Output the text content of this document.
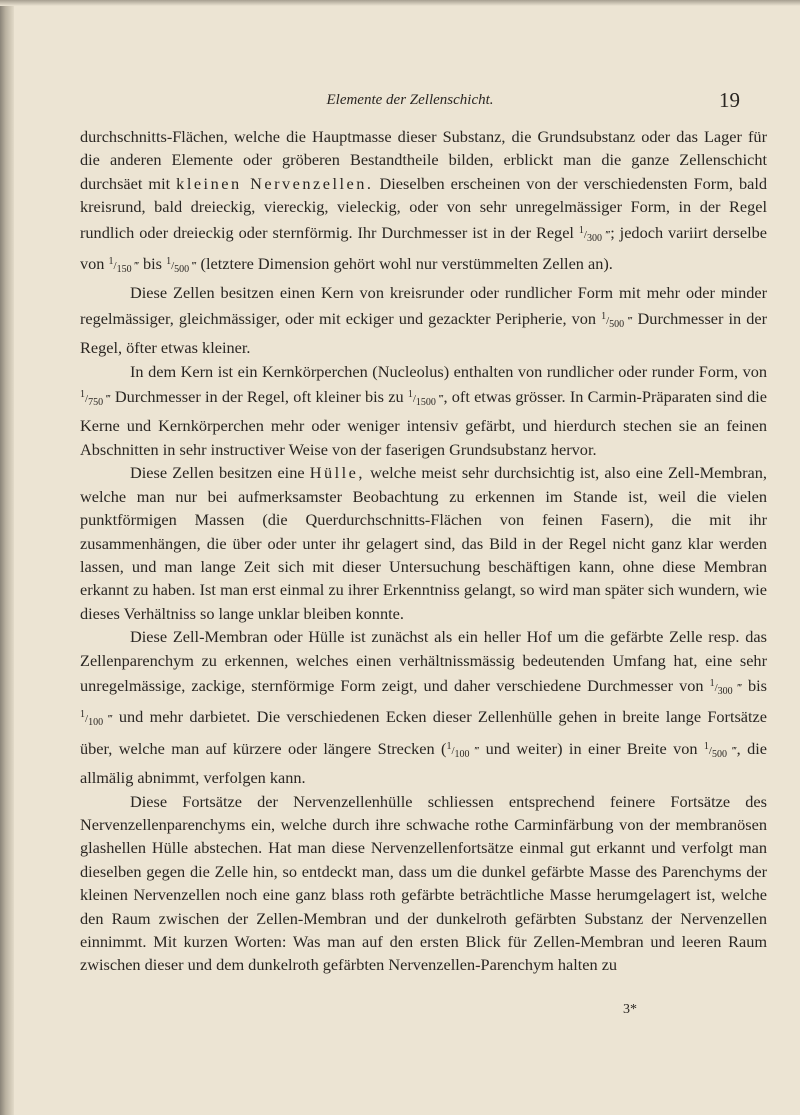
Elemente der Zellenschicht.	19

durchschnitts-Flächen, welche die Hauptmasse dieser Substanz, die Grundsubstanz oder das Lager für die anderen Elemente oder gröberen Bestandtheile bilden, erblickt man die ganze Zellenschicht durchsäet mit kleinen Nervenzellen. Dieselben erscheinen von der verschiedensten Form, bald kreisrund, bald dreieckig, viereckig, vieleckig, oder von sehr unregelmässiger Form, in der Regel rundlich oder dreieckig oder sternförmig. Ihr Durchmesser ist in der Regel $^1/_{300}$ ‴; jedoch variirt derselbe von $^1/_{150}$ ‴ bis $^1/_{500}$ ‴ (letztere Dimension gehört wohl nur verstümmelten Zellen an).

Diese Zellen besitzen einen Kern von kreisrunder oder rundlicher Form mit mehr oder minder regelmässiger, gleichmässiger, oder mit eckiger und gezackter Peripherie, von $^1/_{500}$ ‴ Durchmesser in der Regel, öfter etwas kleiner.

In dem Kern ist ein Kernkörperchen (Nucleolus) enthalten von rundlicher oder runder Form, von $^1/_{750}$ ‴ Durchmesser in der Regel, oft kleiner bis zu $^1/_{1500}$ ‴, oft etwas grösser. In Carmin-Präparaten sind die Kerne und Kernkörperchen mehr oder weniger intensiv gefärbt, und hierdurch stechen sie an feinen Abschnitten in sehr instructiver Weise von der faserigen Grundsubstanz hervor.

Diese Zellen besitzen eine Hülle, welche meist sehr durchsichtig ist, also eine Zell-Membran, welche man nur bei aufmerksamster Beobachtung zu erkennen im Stande ist, weil die vielen punktförmigen Massen (die Querdurchschnitts-Flächen von feinen Fasern), die mit ihr zusammenhängen, die über oder unter ihr gelagert sind, das Bild in der Regel nicht ganz klar werden lassen, und man lange Zeit sich mit dieser Untersuchung beschäftigen kann, ohne diese Membran erkannt zu haben. Ist man erst einmal zu ihrer Erkenntniss gelangt, so wird man später sich wundern, wie dieses Verhältniss so lange unklar bleiben konnte.

Diese Zell-Membran oder Hülle ist zunächst als ein heller Hof um die gefärbte Zelle resp. das Zellenparenchym zu erkennen, welches einen verhältnissmässig bedeutenden Umfang hat, eine sehr unregelmässige, zackige, sternförmige Form zeigt, und daher verschiedene Durchmesser von $^1/_{300}$ ‴ bis $^1/_{100}$ ‴ und mehr darbietet. Die verschiedenen Ecken dieser Zellenhülle gehen in breite lange Fortsätze über, welche man auf kürzere oder längere Strecken ($^1/_{100}$ ‴ und weiter) in einer Breite von $^1/_{500}$ ‴, die allmälig abnimmt, verfolgen kann.

Diese Fortsätze der Nervenzellenhülle schliessen entsprechend feinere Fortsätze des Nervenzellenparenchyms ein, welche durch ihre schwache rothe Carminfärbung von der membranösen glashellen Hülle abstechen. Hat man diese Nervenzellenfortsätze einmal gut erkannt und verfolgt man dieselben gegen die Zelle hin, so entdeckt man, dass um die dunkel gefärbte Masse des Parenchyms der kleinen Nervenzellen noch eine ganz blass roth gefärbte beträchtliche Masse herumgelagert ist, welche den Raum zwischen der Zellen-Membran und der dunkelroth gefärbten Substanz der Nervenzellen einnimmt. Mit kurzen Worten: Was man auf den ersten Blick für Zellen-Membran und leeren Raum zwischen dieser und dem dunkelroth gefärbten Nervenzellen-Parenchym halten zu

3*
